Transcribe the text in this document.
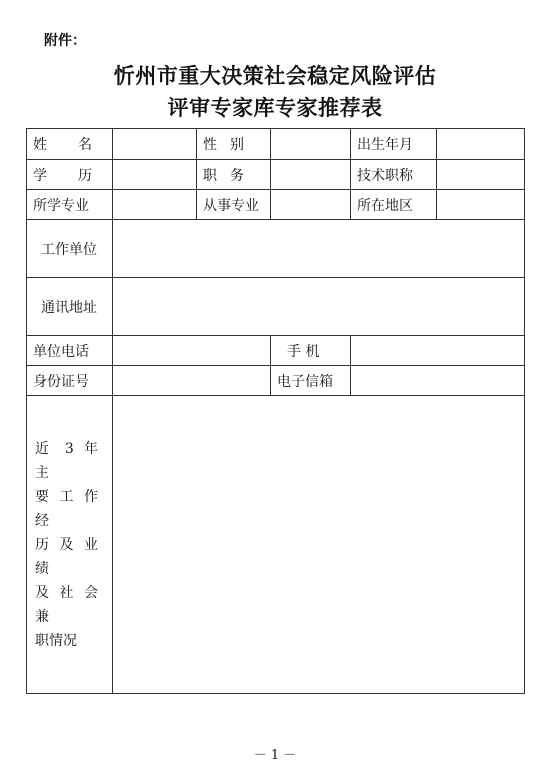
附件：
忻州市重大决策社会稳定风险评估
评审专家库专家推荐表
姓 名		性 别		出生年月	
学 历		职 务		技术职称	
所学专业		从事专业		所在地区	
工作单位					
通讯地址					
单位电话			手 机		
身份证号			电子信箱		

近 3 年 主
要 工 作 经
历 及 业 绩
及 社 会 兼
职情况					

－ 1 －
